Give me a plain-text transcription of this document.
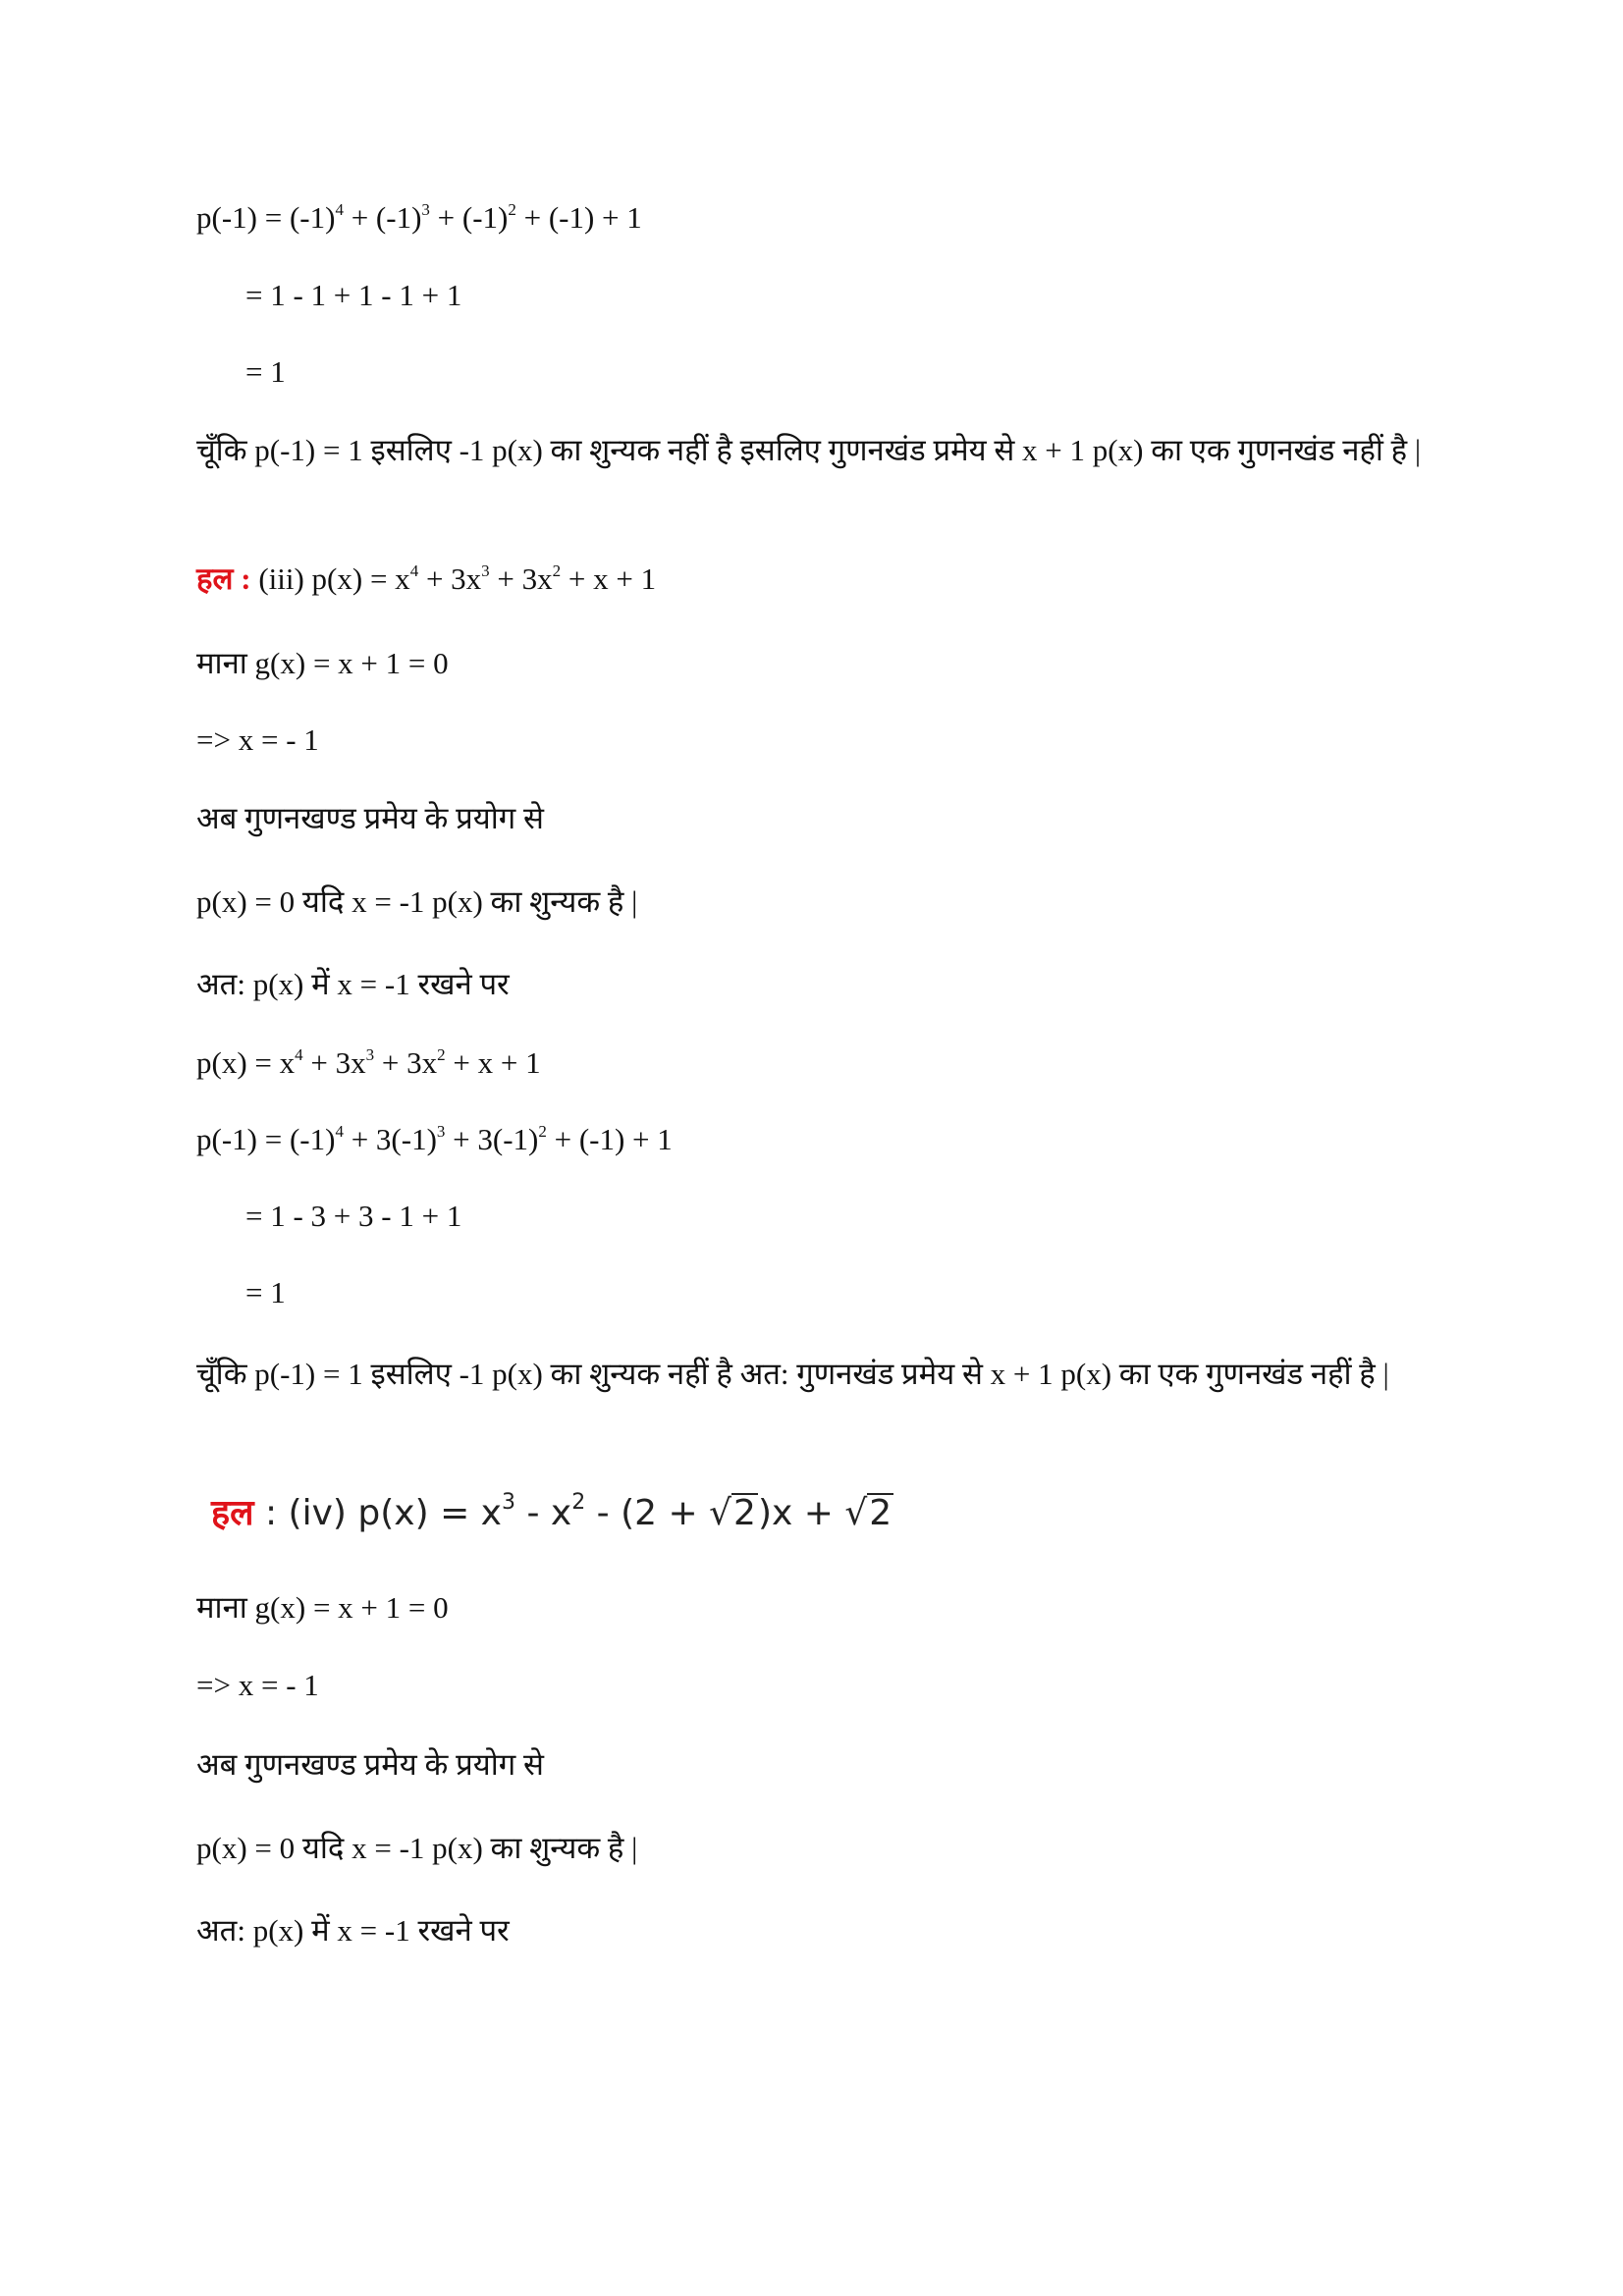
$p(-1) = (-1)^4 + (-1)^3 + (-1)^2 + (-1) + 1$
= 1 - 1 + 1 - 1 + 1
= 1
चूँकि p(-1) = 1 इसलिए -1 p(x) का शुन्यक नहीं है इसलिए गुणनखंड प्रमेय से x + 1 p(x) का एक गुणनखंड नहीं है |
हल : (iii) $p(x) = x^4 + 3x^3 + 3x^2 + x + 1$
माना g(x) = x + 1 = 0
=> x = - 1
अब गुणनखण्ड प्रमेय के प्रयोग से
p(x) = 0 यदि x = -1 p(x) का शुन्यक है |
अत: p(x) में x = -1 रखने पर
$p(x) = x^4 + 3x^3 + 3x^2 + x + 1$
$p(-1) = (-1)^4 + 3(-1)^3 + 3(-1)^2 + (-1) + 1$
= 1 - 3 + 3 - 1 + 1
= 1
चूँकि p(-1) = 1 इसलिए -1 p(x) का शुन्यक नहीं है अत: गुणनखंड प्रमेय से x + 1 p(x) का एक गुणनखंड नहीं है |
हल : (iv) $p(x) = x^3 - x^2 - (2 + √2)x + √2$
माना g(x) = x + 1 = 0
=> x = - 1
अब गुणनखण्ड प्रमेय के प्रयोग से
p(x) = 0 यदि x = -1 p(x) का शुन्यक है |
अत: p(x) में x = -1 रखने पर
